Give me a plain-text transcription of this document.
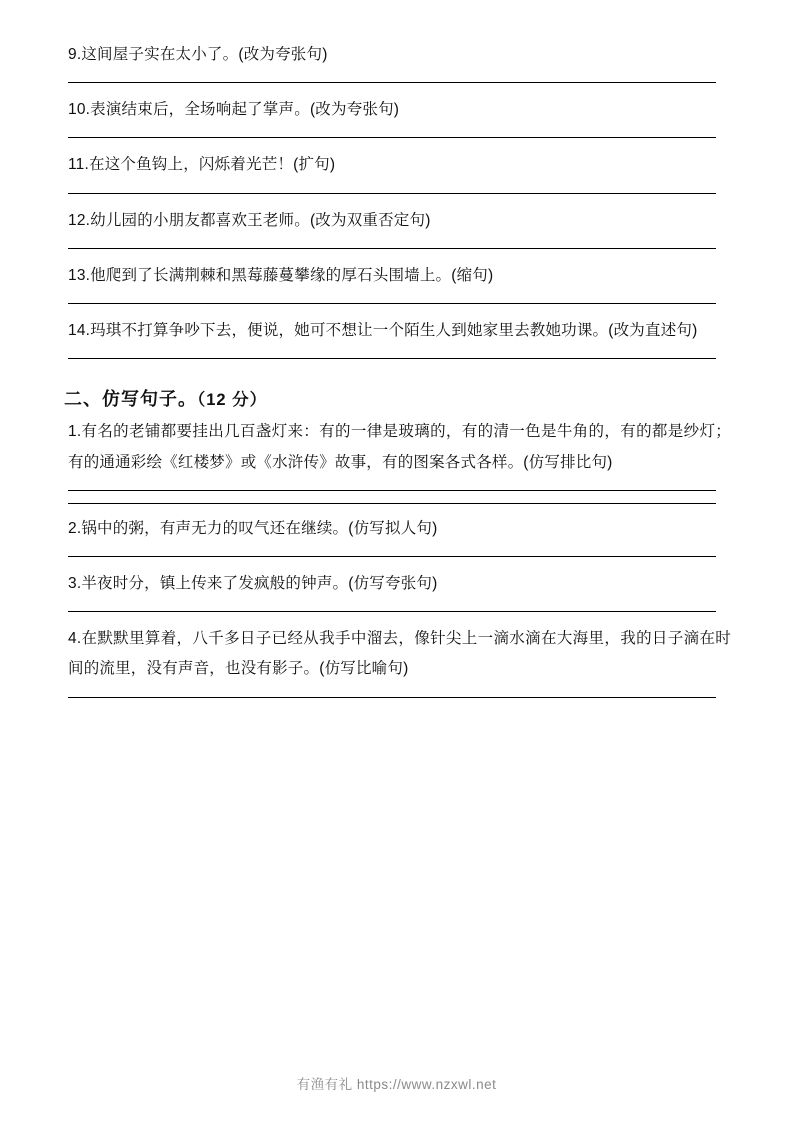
9.这间屋子实在太小了。(改为夸张句)

10.表演结束后，全场响起了掌声。(改为夸张句)

11.在这个鱼钩上，闪烁着光芒！(扩句)

12.幼儿园的小朋友都喜欢王老师。(改为双重否定句)

13.他爬到了长满荆棘和黑莓藤蔓攀缘的厚石头围墙上。(缩句)

14.玛琪不打算争吵下去，便说，她可不想让一个陌生人到她家里去教她功课。(改为直述句)

二、仿写句子。（12 分）

1.有名的老铺都要挂出几百盏灯来：有的一律是玻璃的，有的清一色是牛角的，有的都是纱灯；有的通通彩绘《红楼梦》或《水浒传》故事，有的图案各式各样。(仿写排比句)

2.锅中的粥，有声无力的叹气还在继续。(仿写拟人句)

3.半夜时分，镇上传来了发疯般的钟声。(仿写夸张句)

4.在默默里算着，八千多日子已经从我手中溜去，像针尖上一滴水滴在大海里，我的日子滴在时间的流里，没有声音，也没有影子。(仿写比喻句)

有渔有礼 https://www.nzxwl.net
